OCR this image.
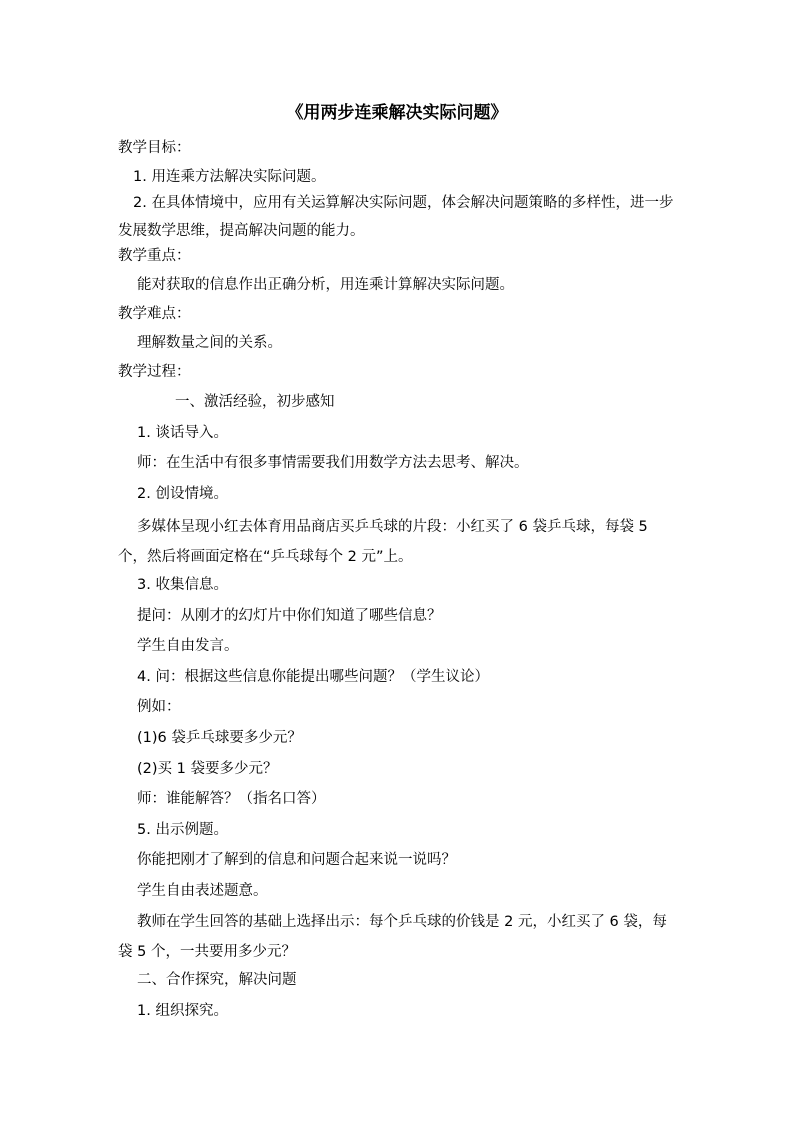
《用两步连乘解决实际问题》

教学目标：

1. 用连乘方法解决实际问题。

2. 在具体情境中，应用有关运算解决实际问题，体会解决问题策略的多样性，进一步发展数学思维，提高解决问题的能力。

教学重点：

能对获取的信息作出正确分析，用连乘计算解决实际问题。

教学难点：

理解数量之间的关系。

教学过程：

一、激活经验，初步感知

1. 谈话导入。

师：在生活中有很多事情需要我们用数学方法去思考、解决。

2. 创设情境。

多媒体呈现小红去体育用品商店买乒乓球的片段：小红买了 6 袋乒乓球，每袋 5 个，然后将画面定格在“乒乓球每个 2 元”上。

3. 收集信息。

提问：从刚才的幻灯片中你们知道了哪些信息？

学生自由发言。

4. 问：根据这些信息你能提出哪些问题？（学生议论）

例如：

(1)6 袋乒乓球要多少元？

(2)买 1 袋要多少元？

师：谁能解答？（指名口答）

5. 出示例题。

你能把刚才了解到的信息和问题合起来说一说吗？

学生自由表述题意。

教师在学生回答的基础上选择出示：每个乒乓球的价钱是 2 元，小红买了 6 袋，每袋 5 个，一共要用多少元？

二、合作探究，解决问题

1. 组织探究。
